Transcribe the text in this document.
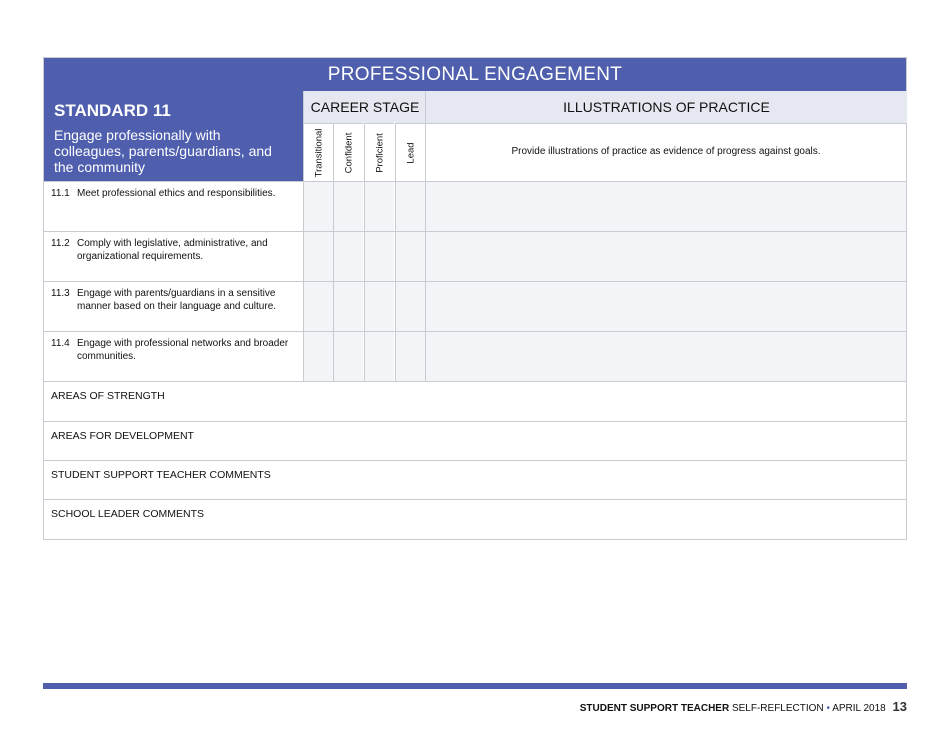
PROFESSIONAL ENGAGEMENT
STANDARD 11
Engage professionally with colleagues, parents/guardians, and the community
CAREER STAGE	ILLUSTRATIONS OF PRACTICE
Transitional Confident Proficient Lead	Provide illustrations of practice as evidence of progress against goals.
11.1 Meet professional ethics and responsibilities.
11.2 Comply with legislative, administrative, and organizational requirements.
11.3 Engage with parents/guardians in a sensitive manner based on their language and culture.
11.4 Engage with professional networks and broader communities.
AREAS OF STRENGTH
AREAS FOR DEVELOPMENT
STUDENT SUPPORT TEACHER COMMENTS
SCHOOL LEADER COMMENTS
STUDENT SUPPORT TEACHER SELF-REFLECTION • APRIL 2018 13
